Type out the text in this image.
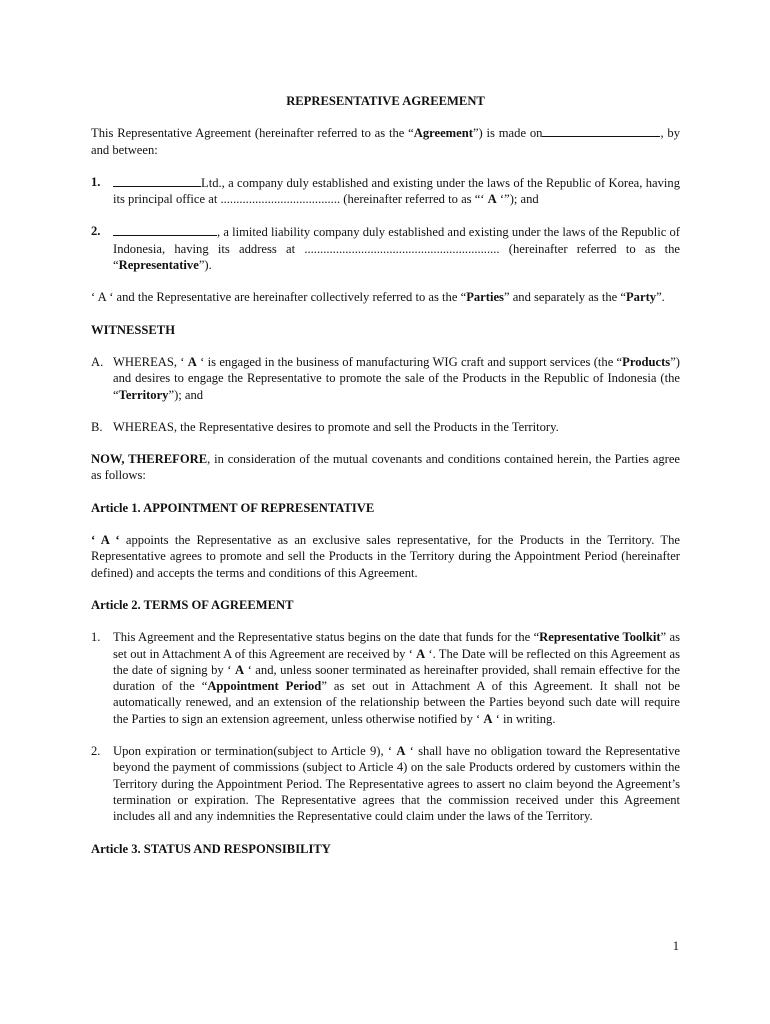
REPRESENTATIVE AGREEMENT

This Representative Agreement (hereinafter referred to as the “Agreement”) is made on	, by and between:

1.	Ltd., a company duly established and existing under the laws of the Republic of Korea, having its principal office at ...................................... (hereinafter referred to as “‘ A ‘”); and
2.	, a limited liability company duly established and existing under the laws of the Republic of Indonesia, having its address at .............................................................. (hereinafter referred to as the “Representative”).

‘ A ‘ and the Representative are hereinafter collectively referred to as the “Parties” and separately as the “Party”.

WITNESSETH

A. WHEREAS, ‘ A ‘ is engaged in the business of manufacturing WIG craft and support services (the “Products”) and desires to engage the Representative to promote the sale of the Products in the Republic of Indonesia (the “Territory”); and
B. WHEREAS, the Representative desires to promote and sell the Products in the Territory.

NOW, THEREFORE, in consideration of the mutual covenants and conditions contained herein, the Parties agree as follows:

Article 1. APPOINTMENT OF REPRESENTATIVE

‘ A ‘ appoints the Representative as an exclusive sales representative, for the Products in the Territory. The Representative agrees to promote and sell the Products in the Territory during the Appointment Period (hereinafter defined) and accepts the terms and conditions of this Agreement.

Article 2. TERMS OF AGREEMENT

1. This Agreement and the Representative status begins on the date that funds for the “Representative Toolkit” as set out in Attachment A of this Agreement are received by ‘ A ‘. The Date will be reflected on this Agreement as the date of signing by ‘ A ‘ and, unless sooner terminated as hereinafter provided, shall remain effective for the duration of the “Appointment Period” as set out in Attachment A of this Agreement. It shall not be automatically renewed, and an extension of the relationship between the Parties beyond such date will require the Parties to sign an extension agreement, unless otherwise notified by ‘ A ‘ in writing.
2. Upon expiration or termination(subject to Article 9), ‘ A ‘ shall have no obligation toward the Representative beyond the payment of commissions (subject to Article 4) on the sale Products ordered by customers within the Territory during the Appointment Period. The Representative agrees to assert no claim beyond the Agreement’s termination or expiration. The Representative agrees that the commission received under this Agreement includes all and any indemnities the Representative could claim under the laws of the Territory.

Article 3. STATUS AND RESPONSIBILITY

1
